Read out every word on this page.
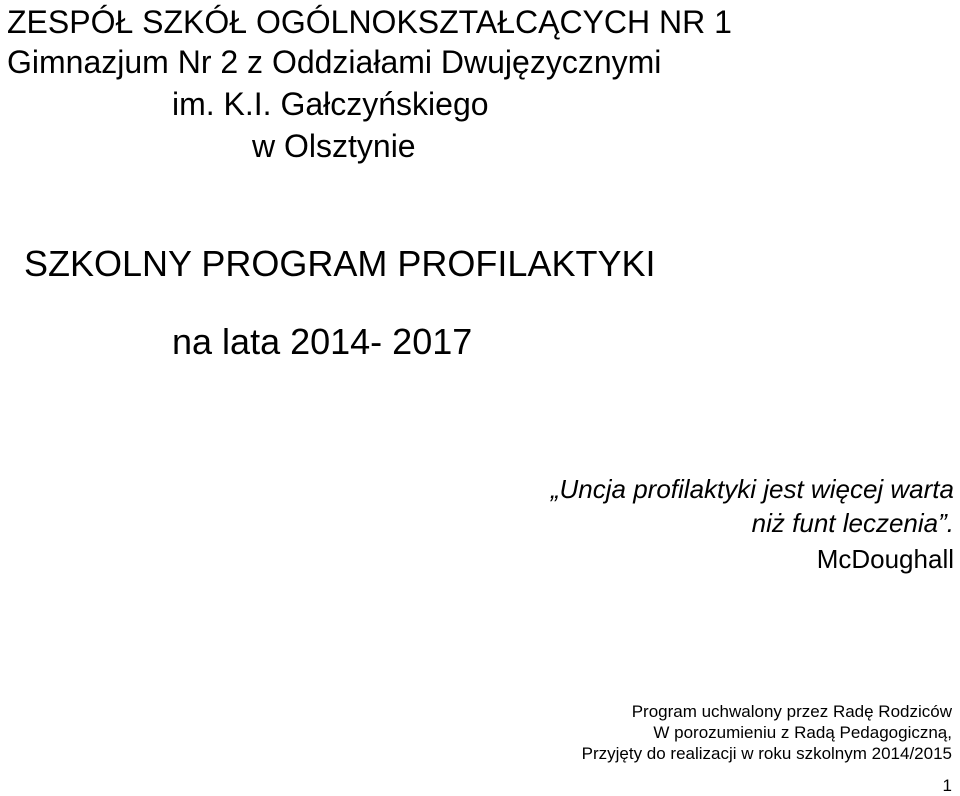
ZESPÓŁ SZKÓŁ OGÓLNOKSZTAŁCĄCYCH NR 1
Gimnazjum Nr 2 z Oddziałami Dwujęzycznymi
im. K.I. Gałczyńskiego
w Olsztynie
SZKOLNY PROGRAM PROFILAKTYKI
na lata 2014- 2017
„Uncja profilaktyki jest więcej warta
niż funt leczenia”.
McDoughall
Program uchwalony przez Radę Rodziców
W porozumieniu z Radą Pedagogiczną,
Przyjęty do realizacji w roku szkolnym 2014/2015
1
